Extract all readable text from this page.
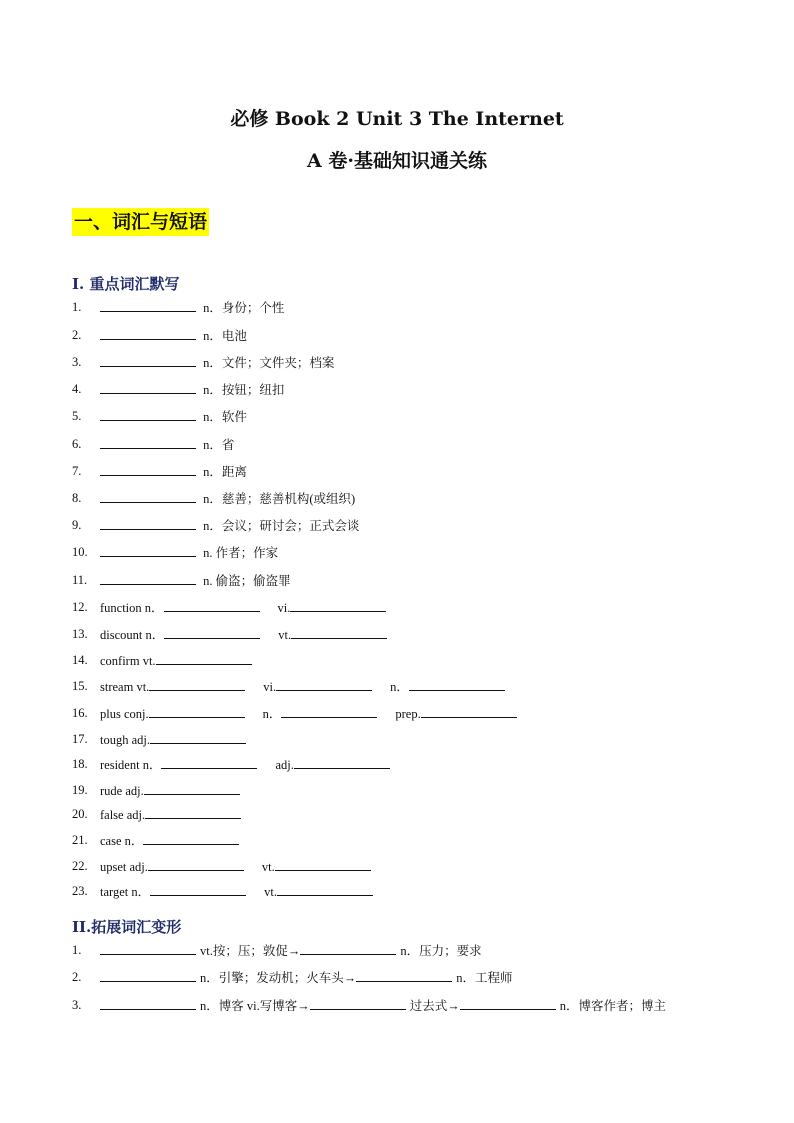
必修 Book 2 Unit 3 The Internet
A 卷·基础知识通关练
一、词汇与短语
I. 重点词汇默写
1.	n．身份；个性
2.	n．电池
3.	n．文件；文件夹；档案
4.	n．按钮；纽扣
5.	n．软件
6.	n．省
7.	n．距离
8.	n．慈善；慈善机构(或组织)
9.	n．会议；研讨会；正式会谈
10.	n. 作者；作家
11.	n. 偷盗；偷盗罪
12. function n．	vi.
13. discount n．	vt.
14. confirm vt.
15. stream vt.	vi.	n．
16. plus conj.	n．	prep.
17. tough adj.
18. resident n．	adj.
19. rude adj.
20. false adj.
21. case n．
22. upset adj.	vt.
23. target n．	vt.
II.拓展词汇变形
1.	vt.按；压；敦促→	n．压力；要求
2.	n．引擎；发动机；火车头→	n．工程师
3.	n．博客 vi.写博客→	过去式→	n．博客作者；博主
